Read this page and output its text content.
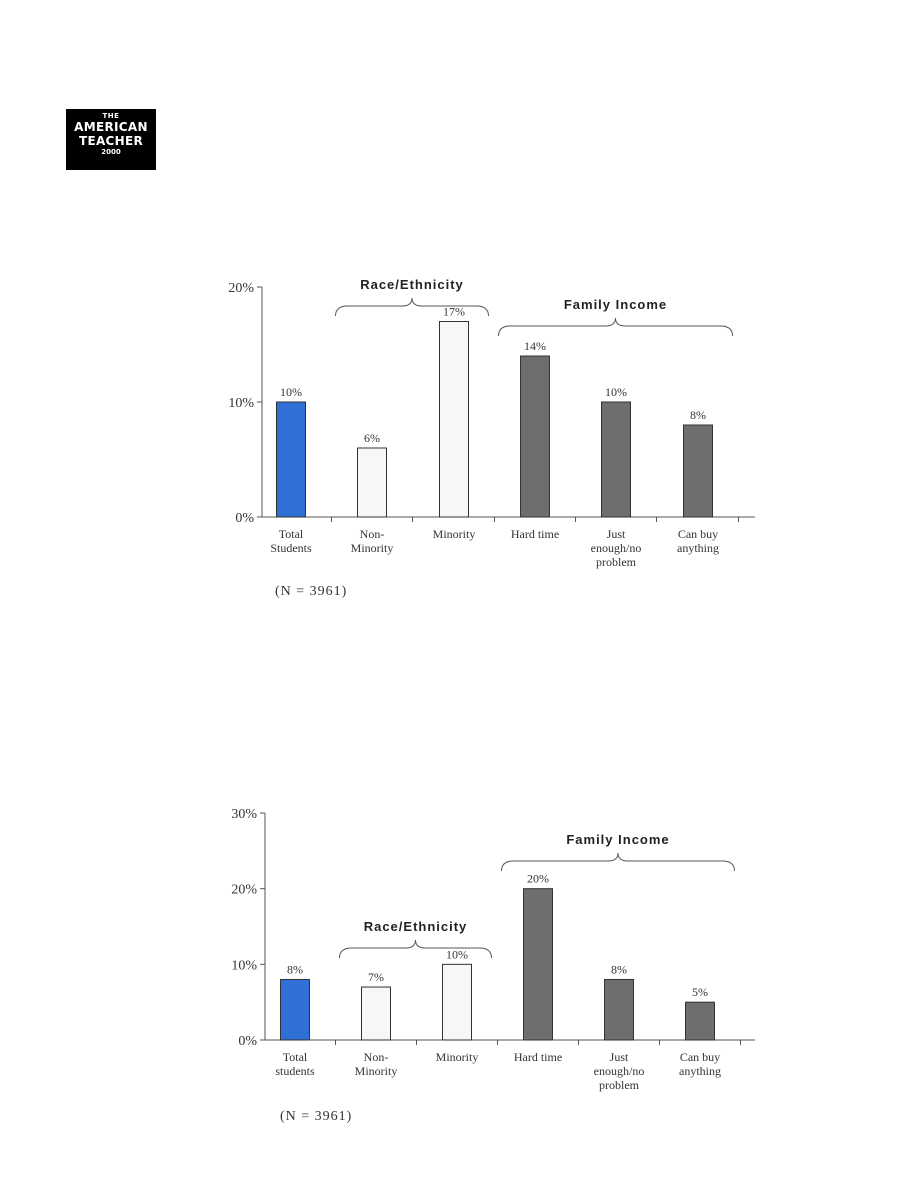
THE
AMERICAN
TEACHER
2000
0%
10%
20%
10%
Total
Students
6%
Non-
Minority
17%
Minority
14%
Hard time
10%
Just
enough/no
problem
8%
Can buy
anything
Race/Ethnicity
Family Income
(N = 3961)
0%
10%
20%
30%
8%
Total
students
7%
Non-
Minority
10%
Minority
20%
Hard time
8%
Just
enough/no
problem
5%
Can buy
anything
Race/Ethnicity
Family Income
(N = 3961)
